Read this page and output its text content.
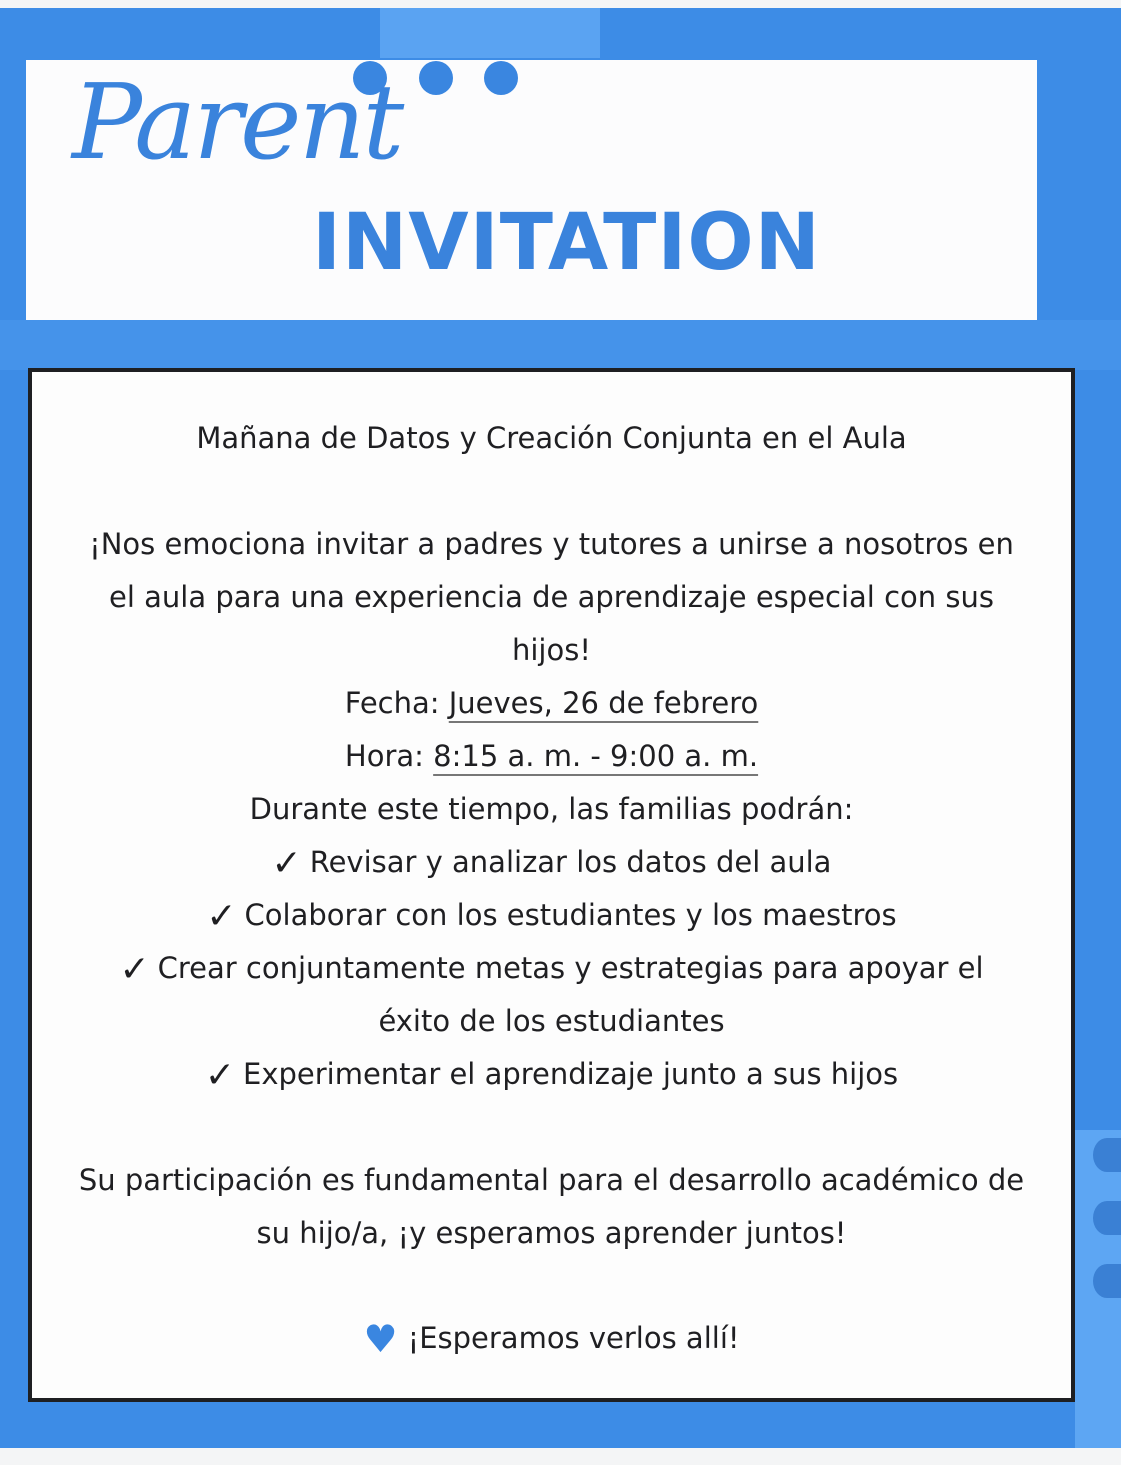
Parent
INVITATION
Mañana de Datos y Creación Conjunta en el Aula
¡Nos emociona invitar a padres y tutores a unirse a nosotros en
el aula para una experiencia de aprendizaje especial con sus
hijos!
Fecha: Jueves, 26 de febrero
Hora: 8:15 a. m. - 9:00 a. m.
Durante este tiempo, las familias podrán:
✓ Revisar y analizar los datos del aula
✓ Colaborar con los estudiantes y los maestros
✓ Crear conjuntamente metas y estrategias para apoyar el
éxito de los estudiantes
✓ Experimentar el aprendizaje junto a sus hijos
Su participación es fundamental para el desarrollo académico de
su hijo/a, ¡y esperamos aprender juntos!
♥ ¡Esperamos verlos allí!
